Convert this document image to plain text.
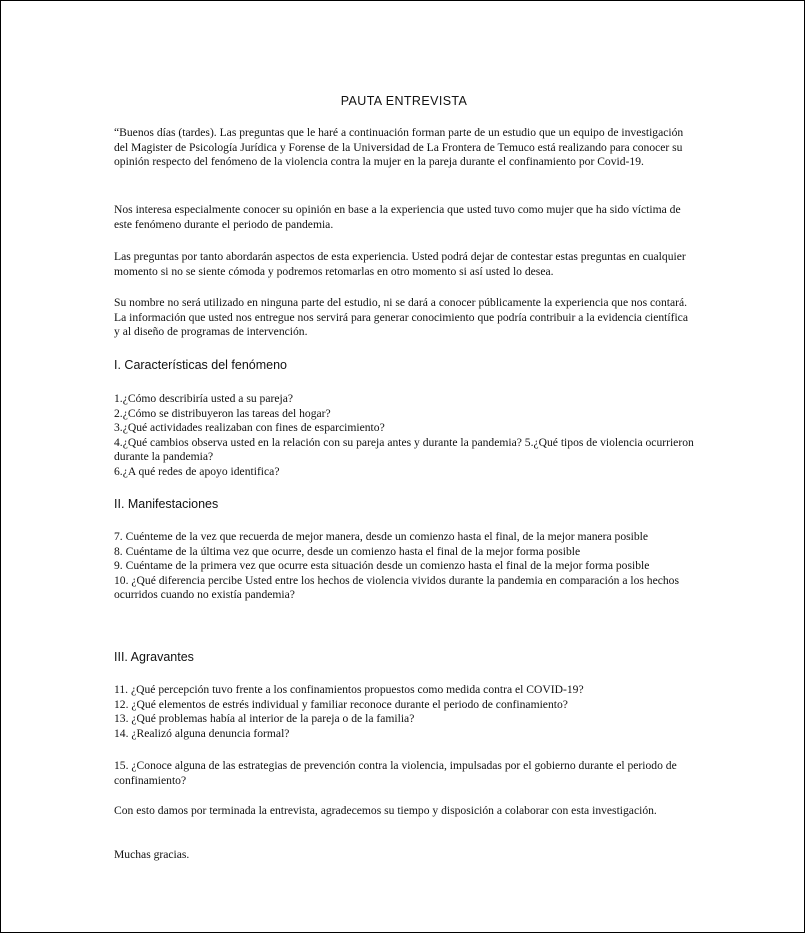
PAUTA ENTREVISTA

“Buenos días (tardes). Las preguntas que le haré a continuación forman parte de un estudio que un equipo de investigación del Magister de Psicología Jurídica y Forense de la Universidad de La Frontera de Temuco está realizando para conocer su opinión respecto del fenómeno de la violencia contra la mujer en la pareja durante el confinamiento por Covid-19.

Nos interesa especialmente conocer su opinión en base a la experiencia que usted tuvo como mujer que ha sido víctima de este fenómeno durante el periodo de pandemia.

Las preguntas por tanto abordarán aspectos de esta experiencia. Usted podrá dejar de contestar estas preguntas en cualquier momento si no se siente cómoda y podremos retomarlas en otro momento si así usted lo desea.

Su nombre no será utilizado en ninguna parte del estudio, ni se dará a conocer públicamente la experiencia que nos contará. La información que usted nos entregue nos servirá para generar conocimiento que podría contribuir a la evidencia científica y al diseño de programas de intervención.

I. Características del fenómeno
1.¿Cómo describiría usted a su pareja?
2.¿Cómo se distribuyeron las tareas del hogar?
3.¿Qué actividades realizaban con fines de esparcimiento?
4.¿Qué cambios observa usted en la relación con su pareja antes y durante la pandemia? 5.¿Qué tipos de violencia ocurrieron durante la pandemia?
6.¿A qué redes de apoyo identifica?
II. Manifestaciones
7. Cuénteme de la vez que recuerda de mejor manera, desde un comienzo hasta el final, de la mejor manera posible
8. Cuéntame de la última vez que ocurre, desde un comienzo hasta el final de la mejor forma posible
9. Cuéntame de la primera vez que ocurre esta situación desde un comienzo hasta el final de la mejor forma posible
10. ¿Qué diferencia percibe Usted entre los hechos de violencia vividos durante la pandemia en comparación a los hechos ocurridos cuando no existía pandemia?
III. Agravantes
11. ¿Qué percepción tuvo frente a los confinamientos propuestos como medida contra el COVID-19?
12. ¿Qué elementos de estrés individual y familiar reconoce durante el periodo de confinamiento?
13. ¿Qué problemas había al interior de la pareja o de la familia?
14. ¿Realizó alguna denuncia formal?

15. ¿Conoce alguna de las estrategias de prevención contra la violencia, impulsadas por el gobierno durante el periodo de confinamiento?

Con esto damos por terminada la entrevista, agradecemos su tiempo y disposición a colaborar con esta investigación.

Muchas gracias.
